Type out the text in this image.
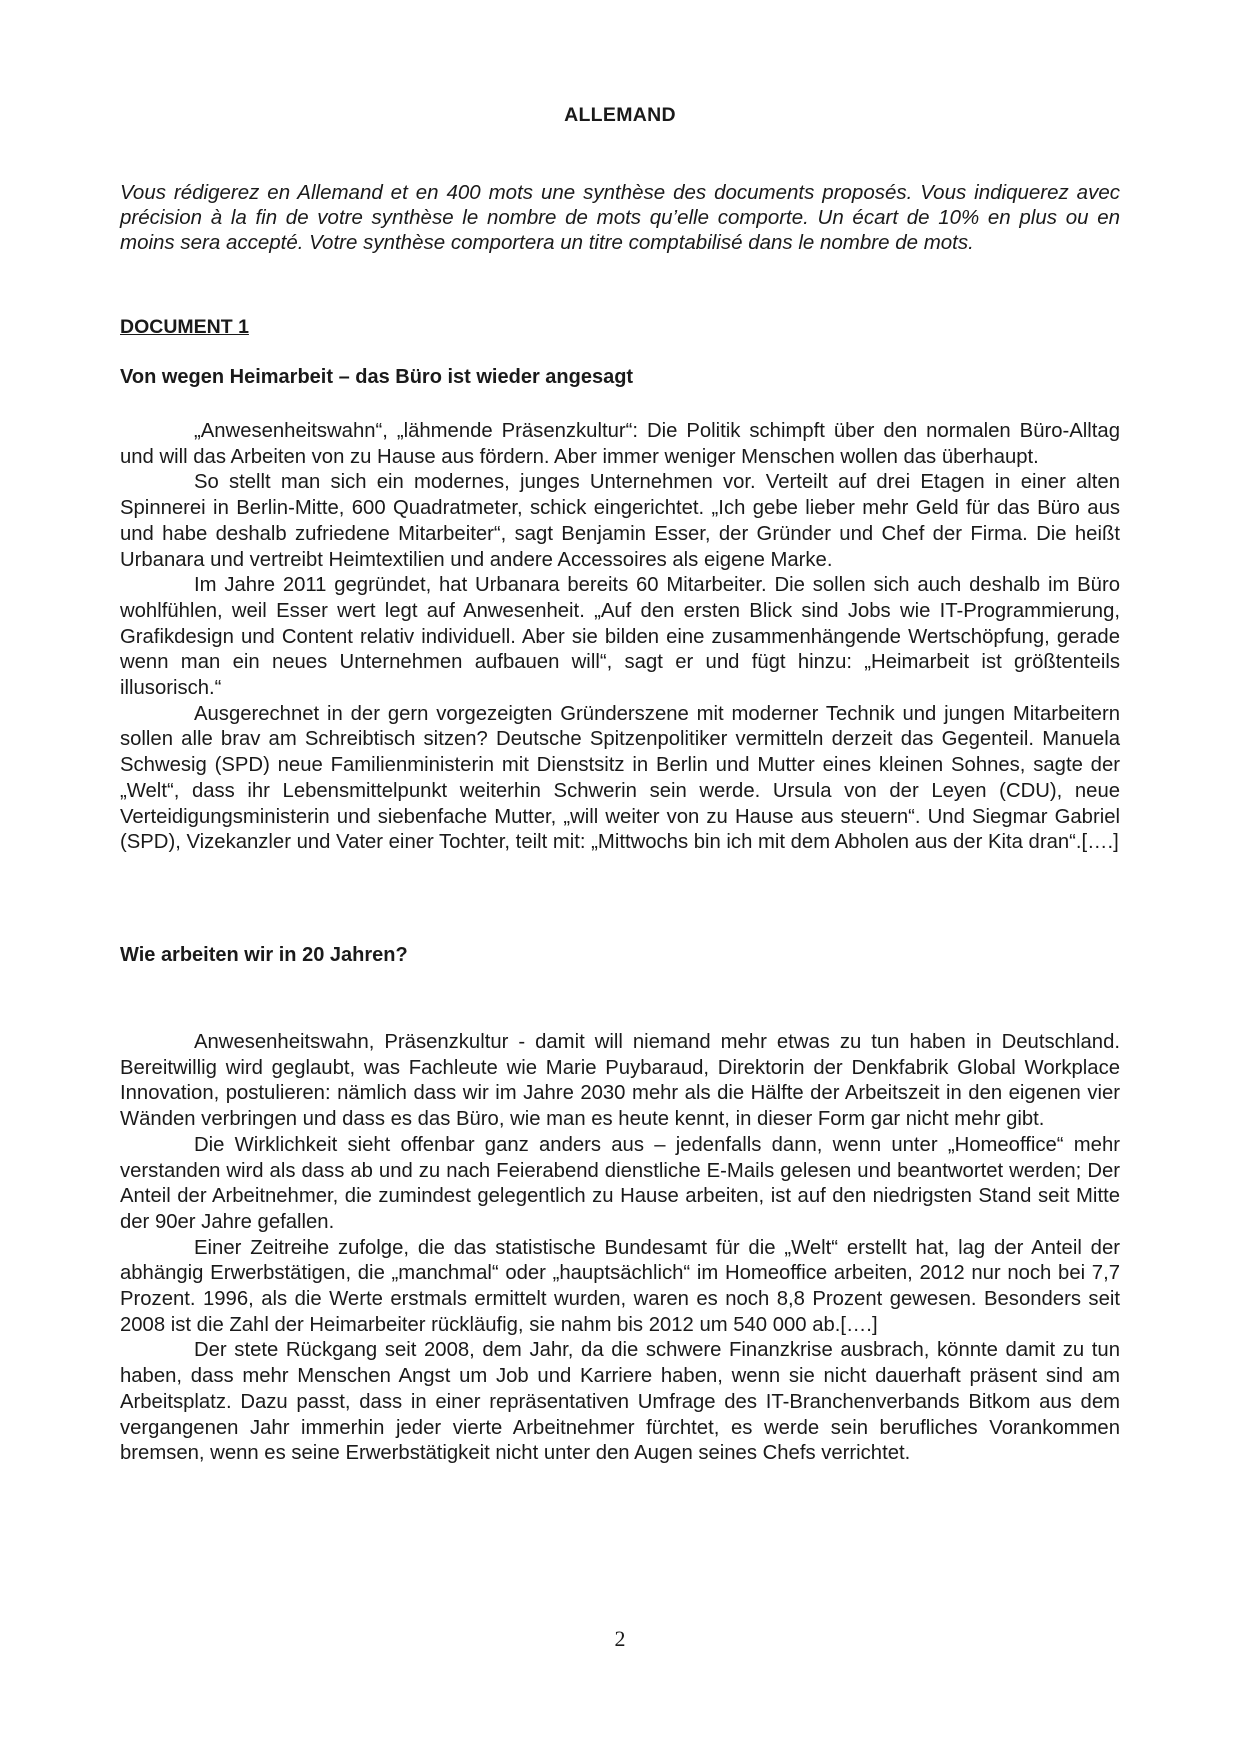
ALLEMAND

Vous rédigerez en Allemand et en 400 mots une synthèse des documents proposés. Vous indiquerez avec précision à la fin de votre synthèse le nombre de mots qu’elle comporte. Un écart de 10% en plus ou en moins sera accepté. Votre synthèse comportera un titre comptabilisé dans le nombre de mots.

DOCUMENT 1
Von wegen Heimarbeit – das Büro ist wieder angesagt

„Anwesenheitswahn“, „lähmende Präsenzkultur“: Die Politik schimpft über den normalen Büro-Alltag und will das Arbeiten von zu Hause aus fördern. Aber immer weniger Menschen wollen das überhaupt.

So stellt man sich ein modernes, junges Unternehmen vor. Verteilt auf drei Etagen in einer alten Spinnerei in Berlin-Mitte, 600 Quadratmeter, schick eingerichtet. „Ich gebe lieber mehr Geld für das Büro aus und habe deshalb zufriedene Mitarbeiter“, sagt Benjamin Esser, der Gründer und Chef der Firma. Die heißt Urbanara und vertreibt Heimtextilien und andere Accessoires als eigene Marke.

Im Jahre 2011 gegründet, hat Urbanara bereits 60 Mitarbeiter. Die sollen sich auch deshalb im Büro wohlfühlen, weil Esser wert legt auf Anwesenheit. „Auf den ersten Blick sind Jobs wie IT-Programmierung, Grafikdesign und Content relativ individuell. Aber sie bilden eine zusammenhängende Wertschöpfung, gerade wenn man ein neues Unternehmen aufbauen will“, sagt er und fügt hinzu: „Heimarbeit ist größtenteils illusorisch.“

Ausgerechnet in der gern vorgezeigten Gründerszene mit moderner Technik und jungen Mitarbeitern sollen alle brav am Schreibtisch sitzen? Deutsche Spitzenpolitiker vermitteln derzeit das Gegenteil. Manuela Schwesig (SPD) neue Familienministerin mit Dienstsitz in Berlin und Mutter eines kleinen Sohnes, sagte der „Welt“, dass ihr Lebensmittelpunkt weiterhin Schwerin sein werde. Ursula von der Leyen (CDU), neue Verteidigungsministerin und siebenfache Mutter, „will weiter von zu Hause aus steuern“. Und Siegmar Gabriel (SPD), Vizekanzler und Vater einer Tochter, teilt mit: „Mittwochs bin ich mit dem Abholen aus der Kita dran“.[….]

Wie arbeiten wir in 20 Jahren?

Anwesenheitswahn, Präsenzkultur - damit will niemand mehr etwas zu tun haben in Deutschland. Bereitwillig wird geglaubt, was Fachleute wie Marie Puybaraud, Direktorin der Denkfabrik Global Workplace Innovation, postulieren: nämlich dass wir im Jahre 2030 mehr als die Hälfte der Arbeitszeit in den eigenen vier Wänden verbringen und dass es das Büro, wie man es heute kennt, in dieser Form gar nicht mehr gibt.

Die Wirklichkeit sieht offenbar ganz anders aus – jedenfalls dann, wenn unter „Homeoffice“ mehr verstanden wird als dass ab und zu nach Feierabend dienstliche E-Mails gelesen und beantwortet werden; Der Anteil der Arbeitnehmer, die zumindest gelegentlich zu Hause arbeiten, ist auf den niedrigsten Stand seit Mitte der 90er Jahre gefallen.

Einer Zeitreihe zufolge, die das statistische Bundesamt für die „Welt“ erstellt hat, lag der Anteil der abhängig Erwerbstätigen, die „manchmal“ oder „hauptsächlich“ im Homeoffice arbeiten, 2012 nur noch bei 7,7 Prozent. 1996, als die Werte erstmals ermittelt wurden, waren es noch 8,8 Prozent gewesen. Besonders seit 2008 ist die Zahl der Heimarbeiter rückläufig, sie nahm bis 2012 um 540 000 ab.[….]

Der stete Rückgang seit 2008, dem Jahr, da die schwere Finanzkrise ausbrach, könnte damit zu tun haben, dass mehr Menschen Angst um Job und Karriere haben, wenn sie nicht dauerhaft präsent sind am Arbeitsplatz. Dazu passt, dass in einer repräsentativen Umfrage des IT-Branchenverbands Bitkom aus dem vergangenen Jahr immerhin jeder vierte Arbeitnehmer fürchtet, es werde sein berufliches Vorankommen bremsen, wenn es seine Erwerbstätigkeit nicht unter den Augen seines Chefs verrichtet.

2
